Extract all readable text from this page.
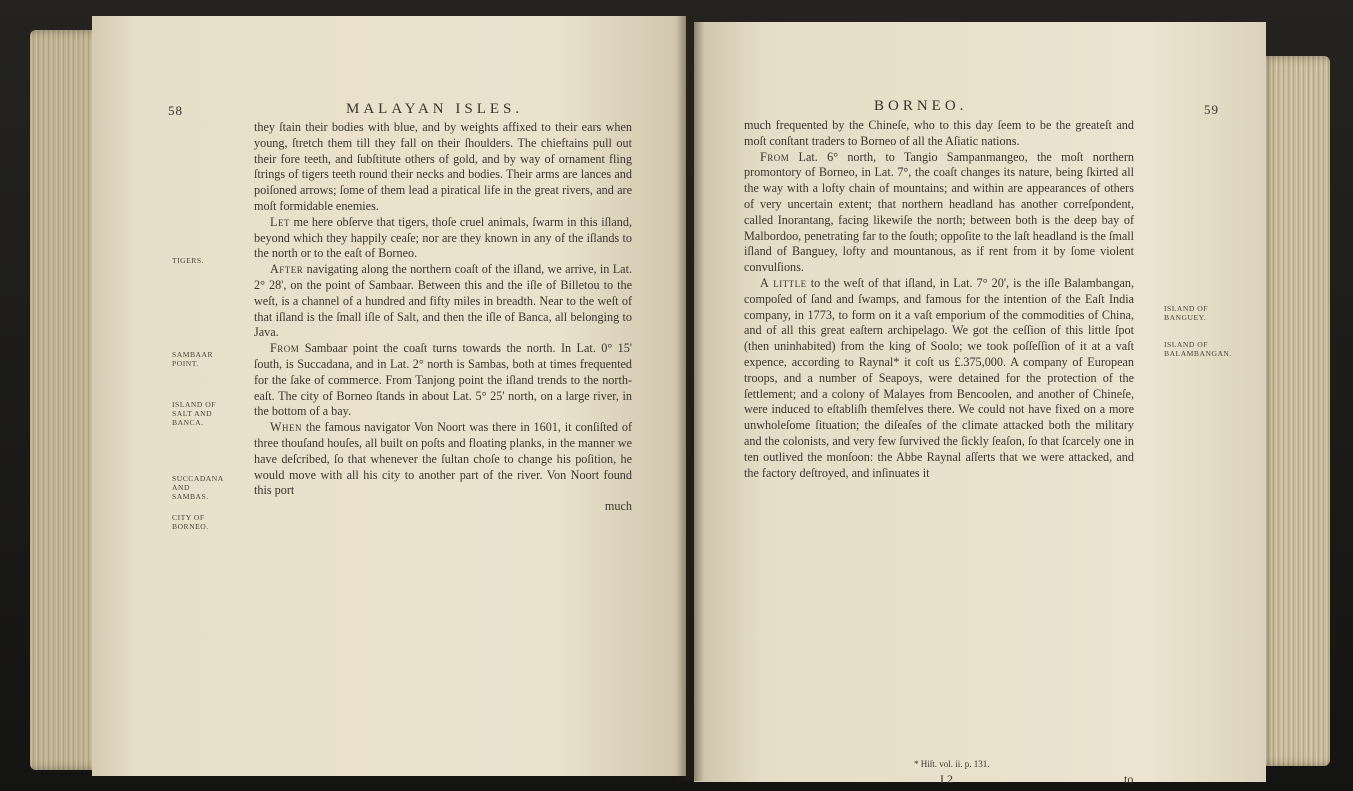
58	MALAYAN ISLES.
TIGERS.
SAMBAAR POINT.
ISLAND OF SALT AND BANCA.
SUCCADANA AND SAMBAS.
CITY OF BORNEO.

they ſtain their bodies with blue, and by weights affixed to their ears when young, ſtretch them till they fall on their ſhoulders. The chieftains pull out their fore teeth, and ſubſtitute others of gold, and by way of ornament fling ſtrings of tigers teeth round their necks and bodies. Their arms are lances and poiſoned arrows; ſome of them lead a piratical life in the great rivers, and are moſt formidable enemies.

Let me here obſerve that tigers, thoſe cruel animals, ſwarm in this iſland, beyond which they happily ceaſe; nor are they known in any of the iſlands to the north or to the eaſt of Borneo.

After navigating along the northern coaſt of the iſland, we arrive, in Lat. 2° 28', on the point of Sambaar. Between this and the iſle of Billetou to the weſt, is a channel of a hundred and fifty miles in breadth. Near to the weſt of that iſland is the ſmall iſle of Salt, and then the iſle of Banca, all belonging to Java.

From Sambaar point the coaſt turns towards the north. In Lat. 0° 15' ſouth, is Succadana, and in Lat. 2° north is Sambas, both at times frequented for the ſake of commerce. From Tanjong point the iſland trends to the north-eaſt. The city of Borneo ſtands in about Lat. 5° 25' north, on a large river, in the bottom of a bay.

When the famous navigator Von Noort was there in 1601, it conſiſted of three thouſand houſes, all built on poſts and floating planks, in the manner we have deſcribed, ſo that whenever the ſultan choſe to change his poſition, he would move with all his city to another part of the river. Von Noort found this port

much
BORNEO.	59

much frequented by the Chineſe, who to this day ſeem to be the greateſt and moſt conſtant traders to Borneo of all the Aſiatic nations.

From Lat. 6° north, to Tangio Sampanmangeo, the moſt northern promontory of Borneo, in Lat. 7°, the coaſt changes its nature, being ſkirted all the way with a lofty chain of mountains; and within are appearances of others of very uncertain extent; that northern headland has another correſpondent, called Inorantang, facing likewiſe the north; between both is the deep bay of Malbordoo, penetrating far to the ſouth; oppoſite to the laſt headland is the ſmall iſland of Banguey, lofty and mountanous, as if rent from it by ſome violent convulſions.

A little to the weſt of that iſland, in Lat. 7° 20', is the iſle Balambangan, compoſed of ſand and ſwamps, and famous for the intention of the Eaſt India company, in 1773, to form on it a vaſt emporium of the commodities of China, and of all this great eaſtern archipelago. We got the ceſſion of this little ſpot (then uninhabited) from the king of Soolo; we took poſſeſſion of it at a vaſt expence, according to Raynal* it coſt us £.375,000. A company of European troops, and a number of Seapoys, were detained for the protection of the ſettlement; and a colony of Malayes from Bencoolen, and another of Chineſe, were induced to eſtabliſh themſelves there. We could not have fixed on a more unwholeſome ſituation; the diſeaſes of the climate attacked both the military and the colonists, and very few ſurvived the ſickly ſeaſon, ſo that ſcarcely one in ten outlived the monſoon: the Abbe Raynal aſſerts that we were attacked, and the factory deſtroyed, and inſinuates it

ISLAND OF BANGUEY.
ISLAND OF BALAMBANGAN.
* Hiſt. vol. ii. p. 131.
I 2	to
